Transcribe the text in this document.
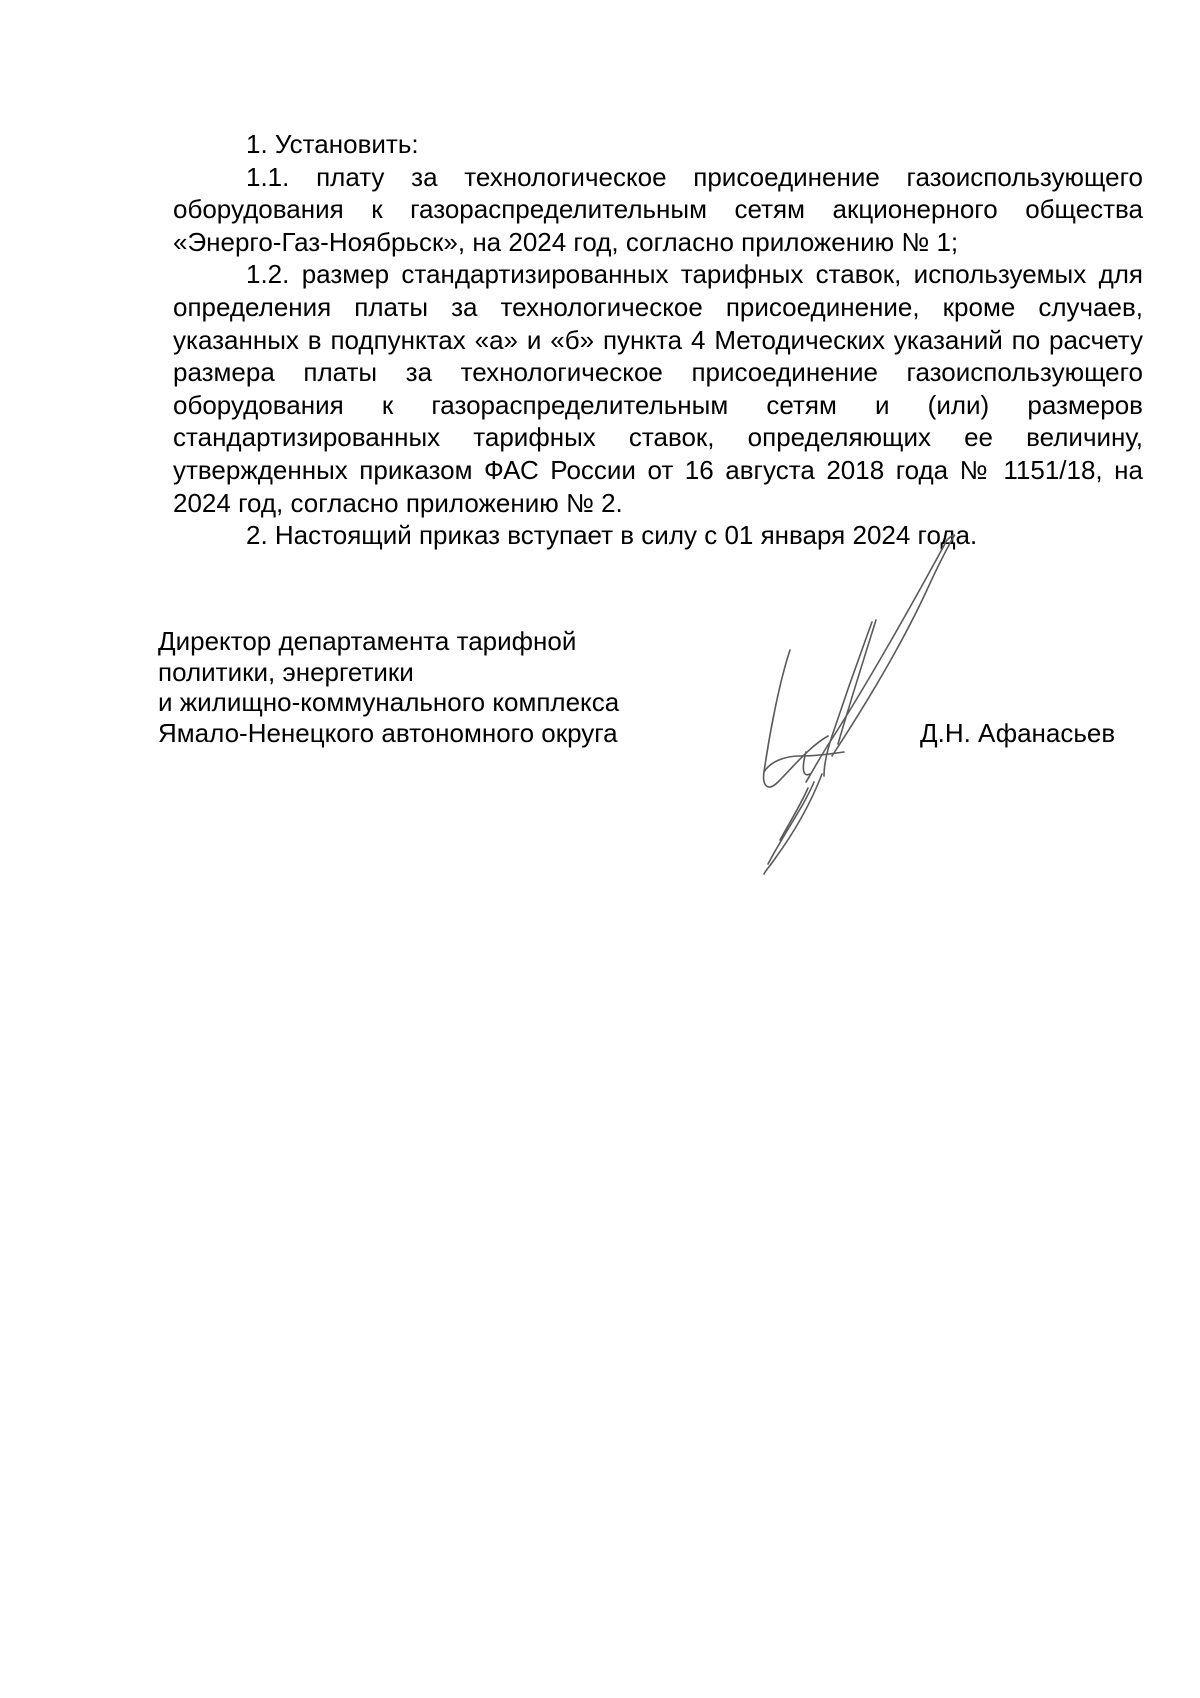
1. Установить:

1.1. плату за технологическое присоединение газоиспользующего оборудования к газораспределительным сетям акционерного общества «Энерго-Газ-Ноябрьск», на 2024 год, согласно приложению № 1;

1.2. размер стандартизированных тарифных ставок, используемых для определения платы за технологическое присоединение, кроме случаев, указанных в подпунктах «а» и «б» пункта 4 Методических указаний по расчету размера платы за технологическое присоединение газоиспользующего оборудования к газораспределительным сетям и (или) размеров стандартизированных тарифных ставок, определяющих ее величину, утвержденных приказом ФАС России от 16 августа 2018 года № 1151/18, на 2024 год, согласно приложению № 2.

2. Настоящий приказ вступает в силу с 01 января 2024 года.

Директор департамента тарифной
политики, энергетики
и жилищно-коммунального комплекса
Ямало-Ненецкого автономного округа	Д.Н. Афанасьев
